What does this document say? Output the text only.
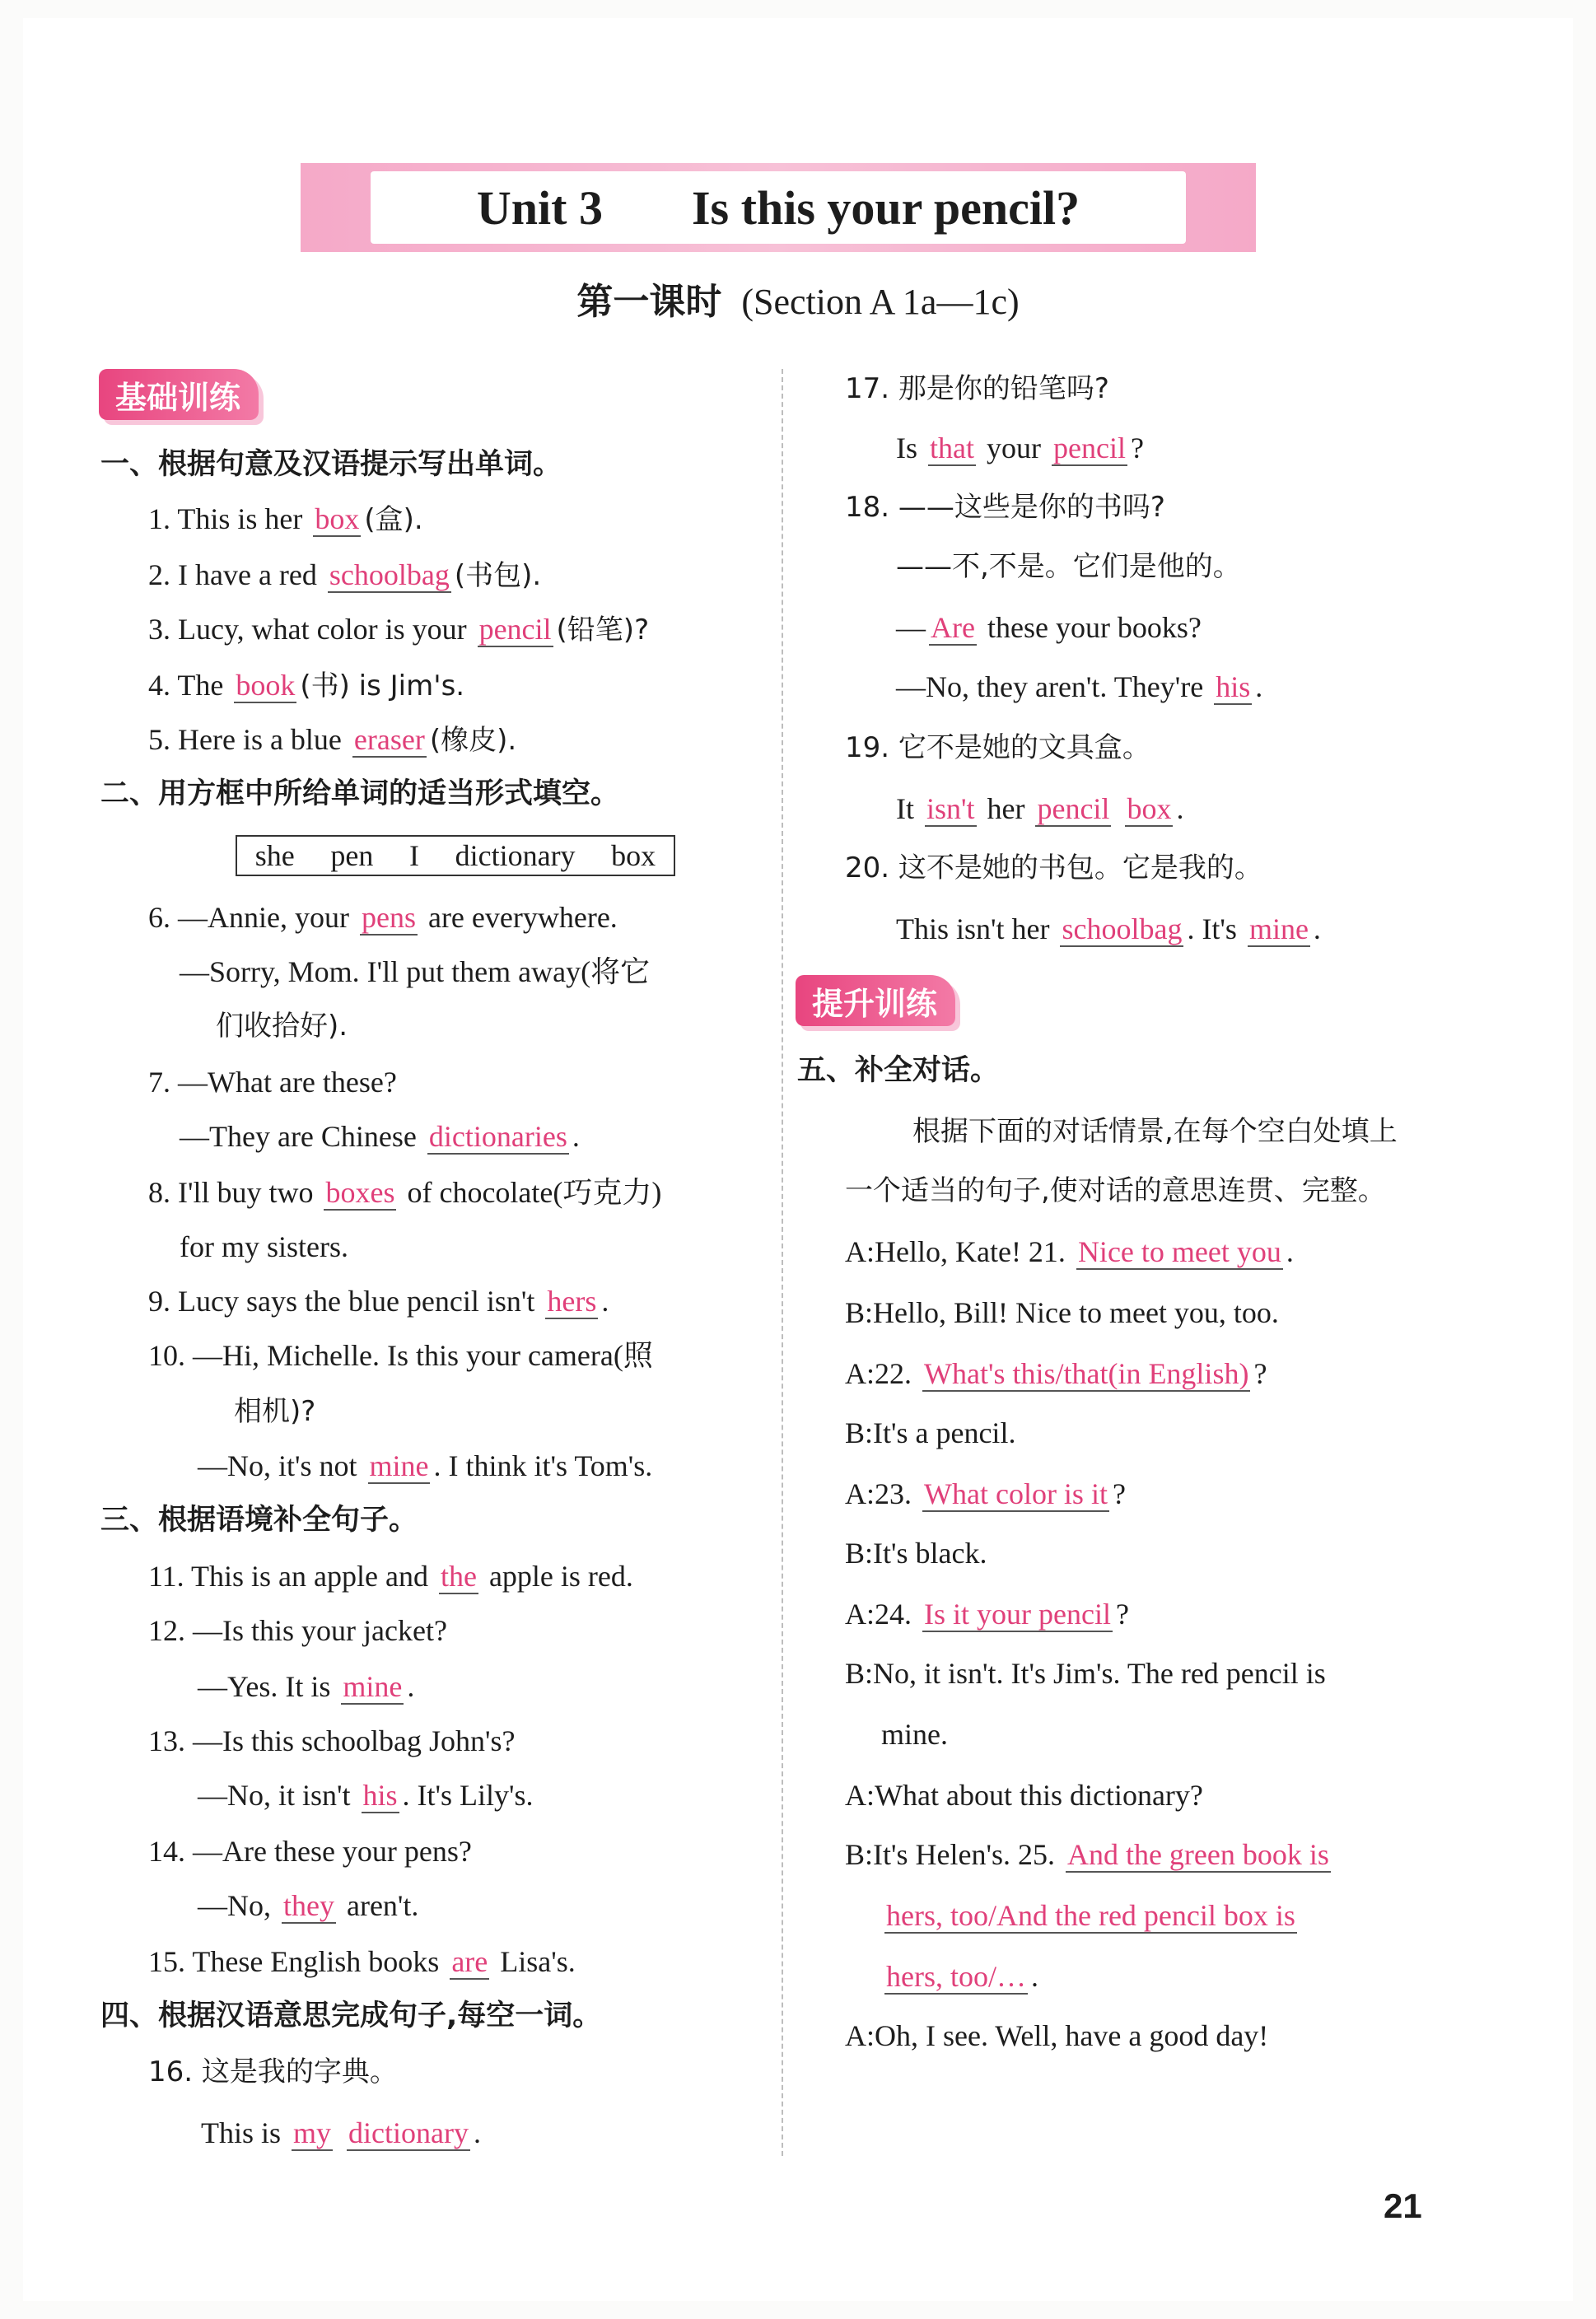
Unit 3 Is this your pencil?
第一课时 (Section A 1a—1c)
基础训练
一、根据句意及汉语提示写出单词。
1. This is her box (盒).
2. I have a red schoolbag (书包).
3. Lucy, what color is your pencil (铅笔)?
4. The book (书) is Jim's.
5. Here is a blue eraser (橡皮).
二、用方框中所给单词的适当形式填空。
she pen I dictionary box
6. —Annie, your pens are everywhere.
—Sorry, Mom. I'll put them away(将它
们收拾好).
7. —What are these?
—They are Chinese dictionaries .
8. I'll buy two boxes of chocolate(巧克力)
for my sisters.
9. Lucy says the blue pencil isn't hers .
10. —Hi, Michelle. Is this your camera(照
相机)?
—No, it's not mine . I think it's Tom's.
三、根据语境补全句子。
11. This is an apple and the apple is red.
12. —Is this your jacket?
—Yes. It is mine .
13. —Is this schoolbag John's?
—No, it isn't his . It's Lily's.
14. —Are these your pens?
—No, they aren't.
15. These English books are Lisa's.
四、根据汉语意思完成句子,每空一词。
16. 这是我的字典。
This is my dictionary .
17. 那是你的铅笔吗?
Is that your pencil ?
18. ——这些是你的书吗?
——不,不是。它们是他的。
— Are these your books?
—No, they aren't. They're his .
19. 它不是她的文具盒。
It isn't her pencil box .
20. 这不是她的书包。它是我的。
This isn't her schoolbag . It's mine .
提升训练
五、补全对话。
根据下面的对话情景,在每个空白处填上
一个适当的句子,使对话的意思连贯、完整。
A:Hello, Kate! 21. Nice to meet you .
B:Hello, Bill! Nice to meet you, too.
A:22. What's this/that(in English) ?
B:It's a pencil.
A:23. What color is it ?
B:It's black.
A:24. Is it your pencil ?
B:No, it isn't. It's Jim's. The red pencil is
mine.
A:What about this dictionary?
B:It's Helen's. 25. And the green book is
hers, too/And the red pencil box is
hers, too/… .
A:Oh, I see. Well, have a good day!
21
